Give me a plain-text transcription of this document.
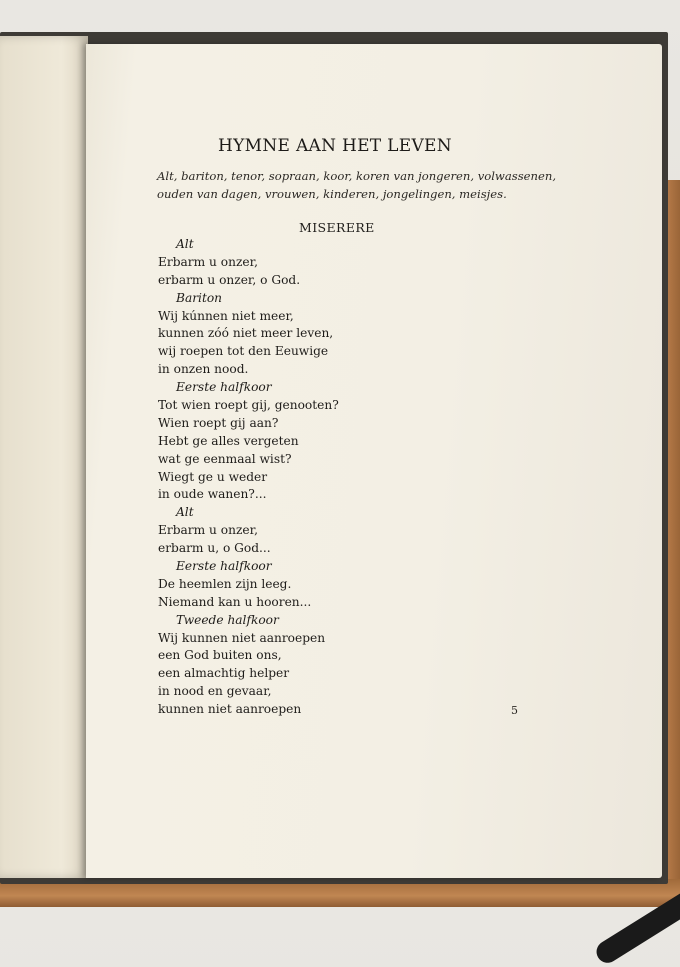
HYMNE AAN HET LEVEN
Alt, bariton, tenor, sopraan, koor, koren van jongeren, volwassenen,
ouden van dagen, vrouwen, kinderen, jongelingen, meisjes.
MISERERE
Alt
Erbarm u onzer,
erbarm u onzer, o God.
Bariton
Wij kúnnen niet meer,
kunnen zóó niet meer leven,
wij roepen tot den Eeuwige
in onzen nood.
Eerste halfkoor
Tot wien roept gij, genooten?
Wien roept gij aan?
Hebt ge alles vergeten
wat ge eenmaal wist?
Wiegt ge u weder
in oude wanen?...
Alt
Erbarm u onzer,
erbarm u, o God...
Eerste halfkoor
De heemlen zijn leeg.
Niemand kan u hooren...
Tweede halfkoor
Wij kunnen niet aanroepen
een God buiten ons,
een almachtig helper
in nood en gevaar,
kunnen niet aanroepen	5
